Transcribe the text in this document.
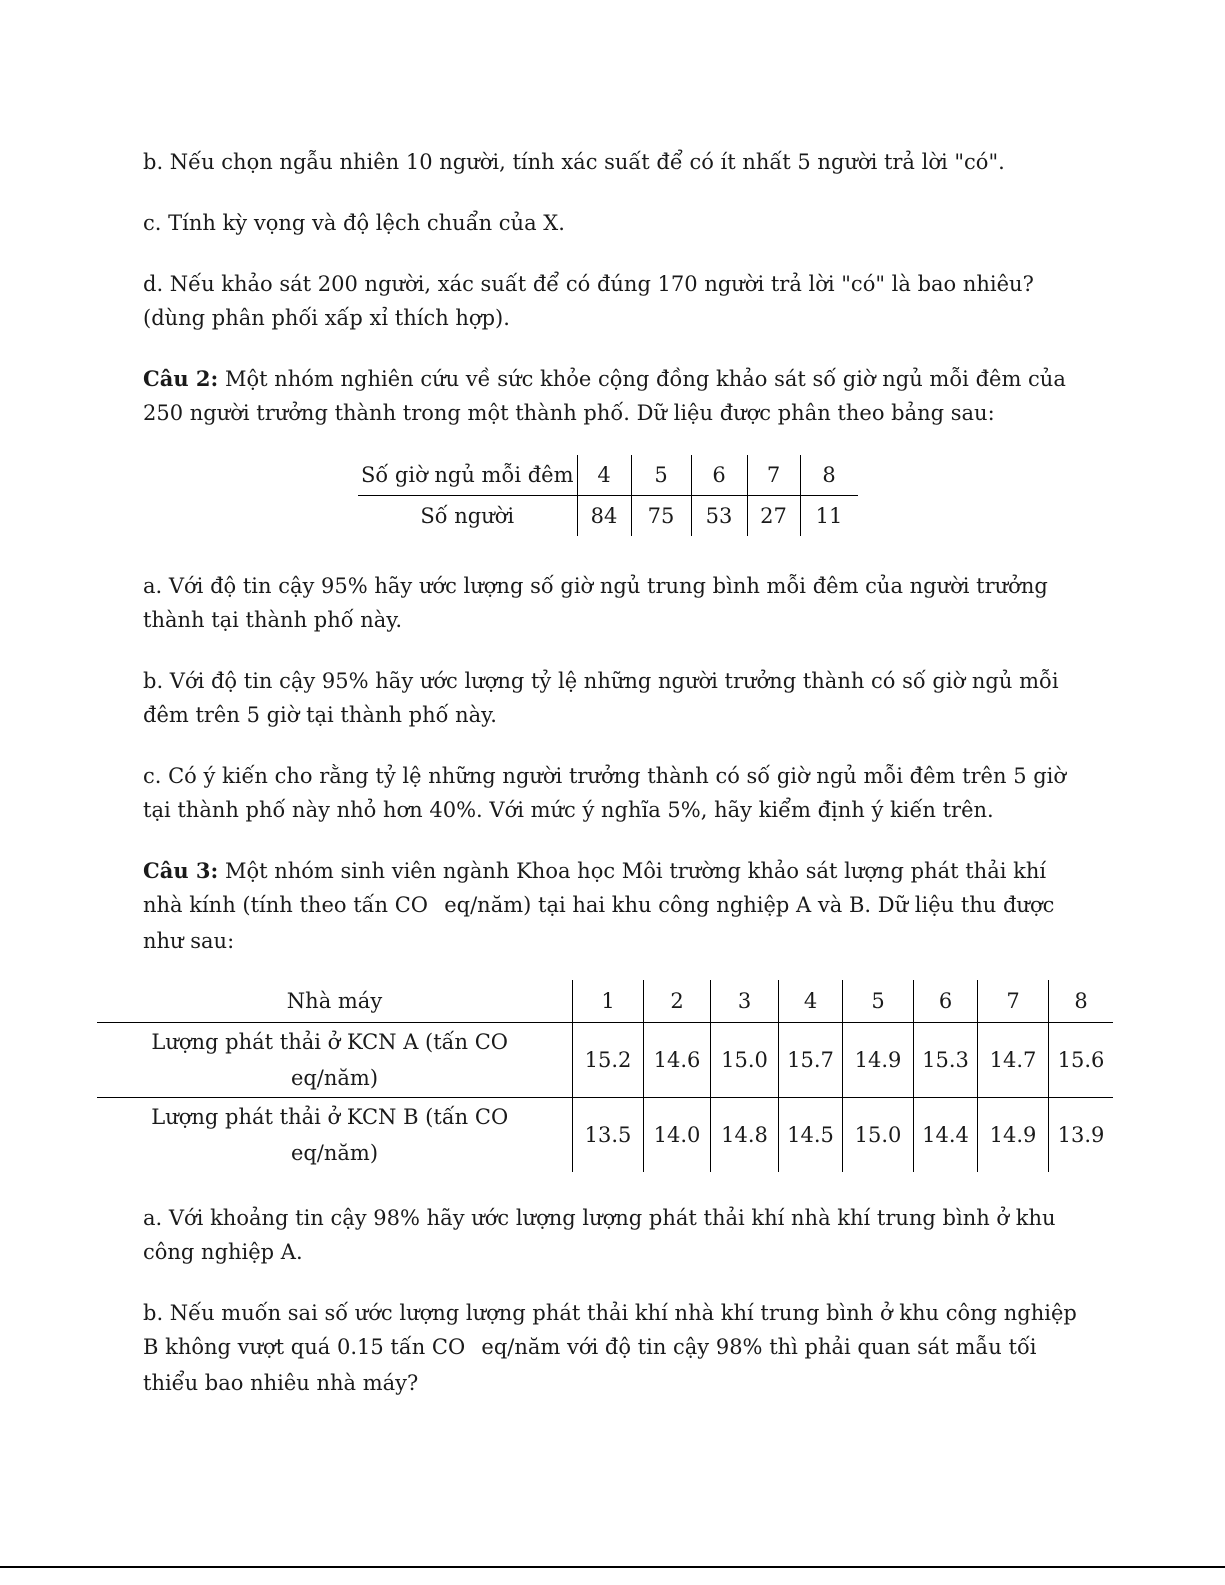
b. Nếu chọn ngẫu nhiên 10 người, tính xác suất để có ít nhất 5 người trả lời "có".

c. Tính kỳ vọng và độ lệch chuẩn của X.

d. Nếu khảo sát 200 người, xác suất để có đúng 170 người trả lời "có" là bao nhiêu?
(dùng phân phối xấp xỉ thích hợp).

Câu 2: Một nhóm nghiên cứu về sức khỏe cộng đồng khảo sát số giờ ngủ mỗi đêm của
250 người trưởng thành trong một thành phố. Dữ liệu được phân theo bảng sau:

Số giờ ngủ mỗi đêm	4	5	6	7	8
Số người	84	75	53	27	11

a. Với độ tin cậy 95% hãy ước lượng số giờ ngủ trung bình mỗi đêm của người trưởng
thành tại thành phố này.

b. Với độ tin cậy 95% hãy ước lượng tỷ lệ những người trưởng thành có số giờ ngủ mỗi
đêm trên 5 giờ tại thành phố này.

c. Có ý kiến cho rằng tỷ lệ những người trưởng thành có số giờ ngủ mỗi đêm trên 5 giờ
tại thành phố này nhỏ hơn 40%. Với mức ý nghĩa 5%, hãy kiểm định ý kiến trên.

Câu 3: Một nhóm sinh viên ngành Khoa học Môi trường khảo sát lượng phát thải khí
nhà kính (tính theo tấn CO eq/năm) tại hai khu công nghiệp A và B. Dữ liệu thu được
như sau:

Nhà máy	1	2	3	4	5	6	7	8
Lượng phát thải ở KCN A (tấn CO
eq/năm)	15.2	14.6	15.0	15.7	14.9	15.3	14.7	15.6
Lượng phát thải ở KCN B (tấn CO
eq/năm)	13.5	14.0	14.8	14.5	15.0	14.4	14.9	13.9

a. Với khoảng tin cậy 98% hãy ước lượng lượng phát thải khí nhà khí trung bình ở khu
công nghiệp A.

b. Nếu muốn sai số ước lượng lượng phát thải khí nhà khí trung bình ở khu công nghiệp
B không vượt quá 0.15 tấn CO eq/năm với độ tin cậy 98% thì phải quan sát mẫu tối
thiểu bao nhiêu nhà máy?
